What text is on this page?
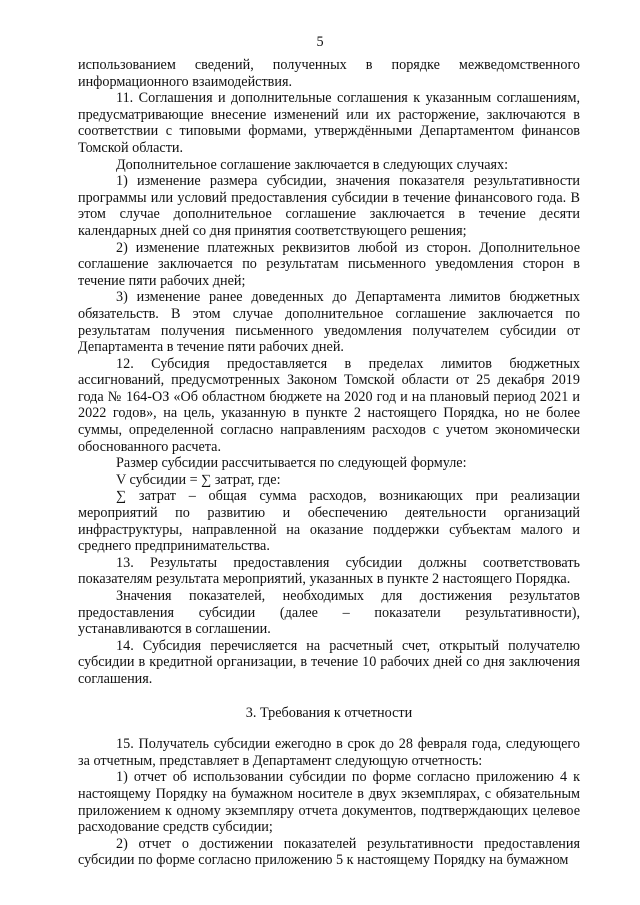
5

использованием сведений, полученных в порядке межведомственного информационного взаимодействия.

11. Соглашения и дополнительные соглашения к указанным соглашениям, предусматривающие внесение изменений или их расторжение, заключаются в соответствии с типовыми формами, утверждёнными Департаментом финансов Томской области.

Дополнительное соглашение заключается в следующих случаях:

1) изменение размера субсидии, значения показателя результативности программы или условий предоставления субсидии в течение финансового года. В этом случае дополнительное соглашение заключается в течение десяти календарных дней со дня принятия соответствующего решения;

2) изменение платежных реквизитов любой из сторон. Дополнительное соглашение заключается по результатам письменного уведомления сторон в течение пяти рабочих дней;

3) изменение ранее доведенных до Департамента лимитов бюджетных обязательств. В этом случае дополнительное соглашение заключается по результатам получения письменного уведомления получателем субсидии от Департамента в течение пяти рабочих дней.

12. Субсидия предоставляется в пределах лимитов бюджетных ассигнований, предусмотренных Законом Томской области от 25 декабря 2019 года № 164-ОЗ «Об областном бюджете на 2020 год и на плановый период 2021 и 2022 годов», на цель, указанную в пункте 2 настоящего Порядка, но не более суммы, определенной согласно направлениям расходов с учетом экономически обоснованного расчета.

Размер субсидии рассчитывается по следующей формуле:

V субсидии = ∑ затрат, где:

∑ затрат – общая сумма расходов, возникающих при реализации мероприятий по развитию и обеспечению деятельности организаций инфраструктуры, направленной на оказание поддержки субъектам малого и среднего предпринимательства.

13. Результаты предоставления субсидии должны соответствовать показателям результата мероприятий, указанных в пункте 2 настоящего Порядка.

Значения показателей, необходимых для достижения результатов предоставления субсидии (далее – показатели результативности), устанавливаются в соглашении.

14. Субсидия перечисляется на расчетный счет, открытый получателю субсидии в кредитной организации, в течение 10 рабочих дней со дня заключения соглашения.

3. Требования к отчетности

15. Получатель субсидии ежегодно в срок до 28 февраля года, следующего за отчетным, представляет в Департамент следующую отчетность:

1) отчет об использовании субсидии по форме согласно приложению 4 к настоящему Порядку на бумажном носителе в двух экземплярах, с обязательным приложением к одному экземпляру отчета документов, подтверждающих целевое расходование средств субсидии;

2) отчет о достижении показателей результативности предоставления субсидии по форме согласно приложению 5 к настоящему Порядку на бумажном
